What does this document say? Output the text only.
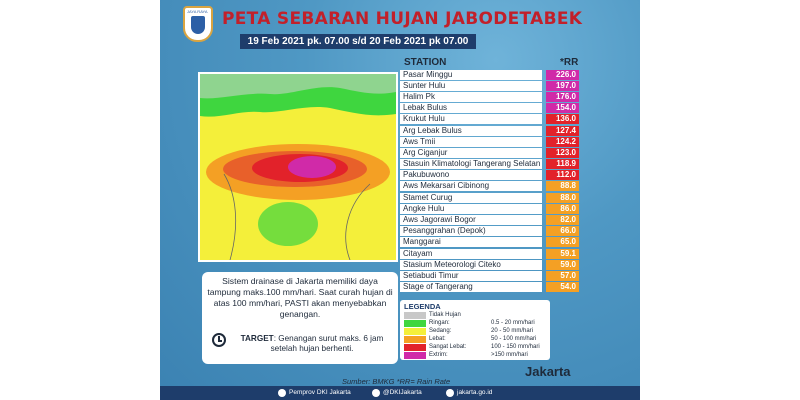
JAYA RAYA PETA SEBARAN HUJAN JABODETABEK
19 Feb 2021 pk. 07.00 s/d 20 Feb 2021 pk 07.00
STATION	*RR
Pasar Minggu	226.0
Sunter Hulu	197.0
Halim Pk	176.0
Lebak Bulus	154.0
Krukut Hulu	136.0
Arg Lebak Bulus	127.4
Aws Tmii	124.2
Arg Ciganjur	123.0
Stasuin Klimatologi Tangerang Selatan	118.9
Pakubuwono	112.0
Aws Mekarsari Cibinong	88.8
Stamet Curug	88.0
Angke Hulu	86.0
Aws Jagorawi Bogor	82.0
Pesanggrahan (Depok)	66.0
Manggarai	65.0
Citayam	59.1
Stasium Meteorologi Citeko	59.0
Setiabudi Timur	57.0
Stage of Tangerang	54.0
Sistem drainase di Jakarta memiliki daya tampung maks.100 mm/hari. Saat curah hujan di atas 100 mm/hari, PASTI akan menyebabkan genangan.
TARGET: Genangan surut maks. 6 jam setelah hujan berhenti.
LEGENDA
Tidak Hujan
Ringan:	0.5 - 20 mm/hari
Sedang:	20 - 50 mm/hari
Lebat:	50 - 100 mm/hari
Sangat Lebat:	100 - 150 mm/hari
Extrim:	>150 mm/hari
Jakarta
Sumber: BMKG *RR= Rain Rate
Pemprov DKI Jakarta	@DKIJakarta	jakarta.go.id
